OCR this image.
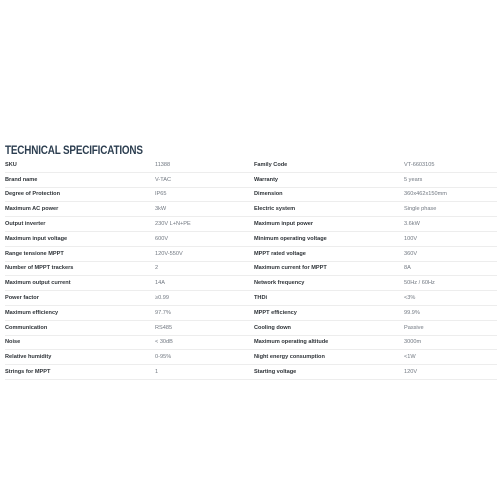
TECHNICAL SPECIFICATIONS
SKU	11388	Family Code	VT-6603105
Brand name	V-TAC	Warranty	5 years
Degree of Protection	IP65	Dimension	360x462x150mm
Maximum AC power	3kW	Electric system	Single phase
Output inverter	230V L+N+PE	Maximum input power	3.6kW
Maximum input voltage	600V	Minimum operating voltage	100V
Range tensione MPPT	120V-550V	MPPT rated voltage	360V
Number of MPPT trackers	2	Maximum current for MPPT	8A
Maximum output current	14A	Network frequency	50Hz / 60Hz
Power factor	≥0.99	THDi	<3%
Maximum efficiency	97.7%	MPPT efficiency	99.9%
Communication	RS485	Cooling down	Passive
Noise	< 30dB	Maximum operating altitude	3000m
Relative humidity	0-95%	Night energy consumption	<1W
Strings for MPPT	1	Starting voltage	120V
